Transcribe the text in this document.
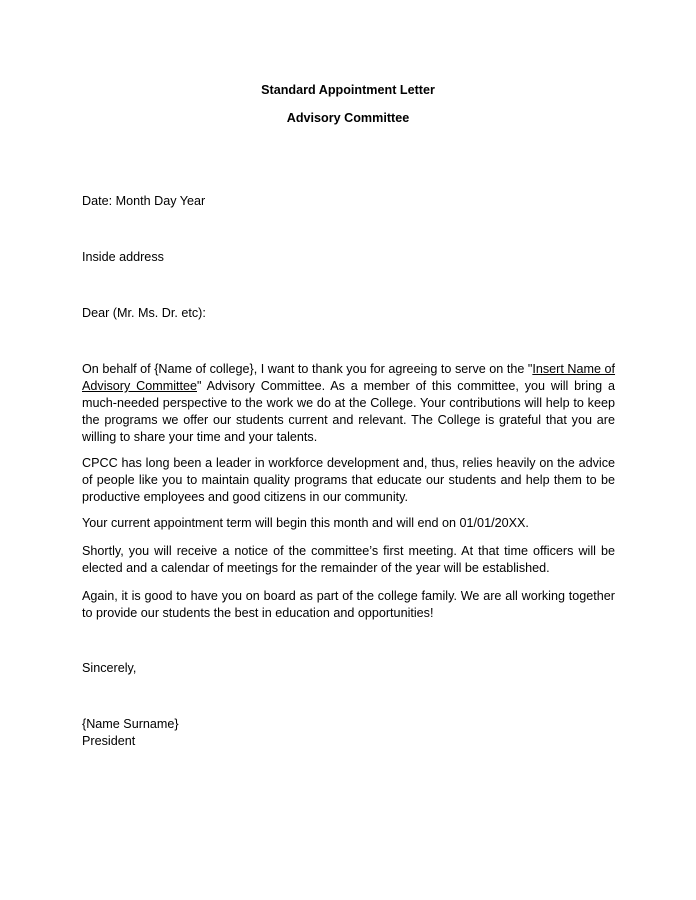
Standard Appointment Letter
Advisory Committee
Date: Month Day Year
Inside address
Dear (Mr. Ms. Dr. etc):
On behalf of {Name of college}, I want to thank you for agreeing to serve on the "Insert Name of Advisory Committee" Advisory Committee. As a member of this committee, you will bring a much-needed perspective to the work we do at the College. Your contributions will help to keep the programs we offer our students current and relevant. The College is grateful that you are willing to share your time and your talents.
CPCC has long been a leader in workforce development and, thus, relies heavily on the advice of people like you to maintain quality programs that educate our students and help them to be productive employees and good citizens in our community.
Your current appointment term will begin this month and will end on 01/01/20XX.
Shortly, you will receive a notice of the committee’s first meeting. At that time officers will be elected and a calendar of meetings for the remainder of the year will be established.
Again, it is good to have you on board as part of the college family. We are all working together to provide our students the best in education and opportunities!
Sincerely,
{Name Surname}
President
